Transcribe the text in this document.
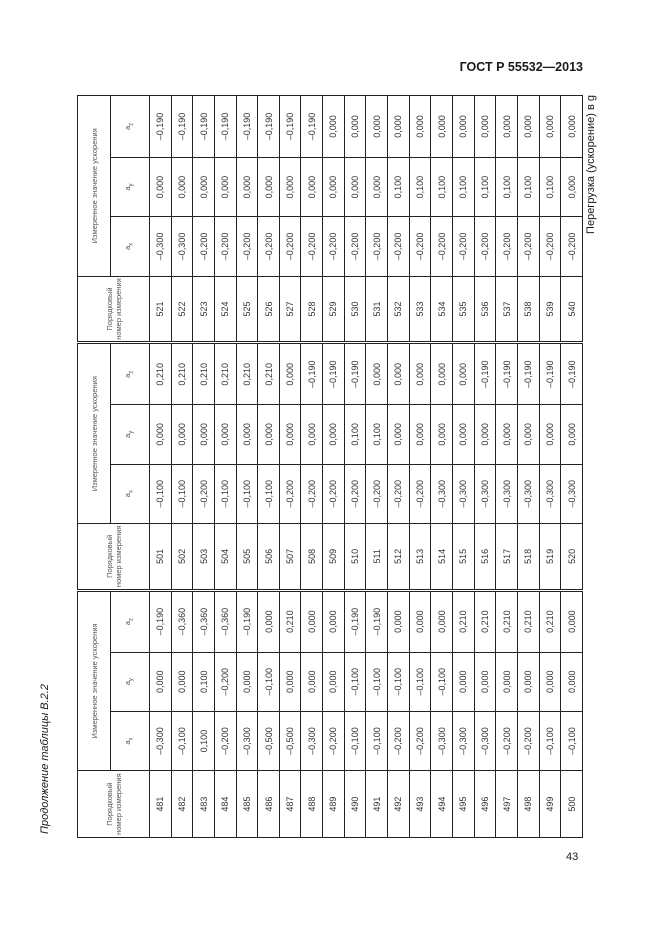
ГОСТ Р 55532—2013
Продолжение таблицы В.2.2	Порядковый номер измерения	Измеренное значение ускорения			Порядковый номер измерения	Измеренное значение ускорения			Порядковый номер измерения	Измеренное значение ускорения		
	$a_x$	$a_y$	$a_z$		$a_x$	$a_y$	$a_z$		$a_x$	$a_y$	$a_z$
481	–0,300	0,000	–0,190	501	–0,100	0,000	0,210	521	–0,300	0,000	–0,190
482	–0,100	0,000	–0,360	502	–0,100	0,000	0,210	522	–0,300	0,000	–0,190
483	0,100	0,100	–0,360	503	–0,200	0,000	0,210	523	–0,200	0,000	–0,190
484	–0,200	–0,200	–0,360	504	–0,100	0,000	0,210	524	–0,200	0,000	–0,190
485	–0,300	0,000	–0,190	505	–0,100	0,000	0,210	525	–0,200	0,000	–0,190
486	–0,500	–0,100	0,000	506	–0,100	0,000	0,210	526	–0,200	0,000	–0,190
487	–0,500	0,000	0,210	507	–0,200	0,000	0,000	527	–0,200	0,000	–0,190
488	–0,300	0,000	0,000	508	–0,200	0,000	–0,190	528	–0,200	0,000	–0,190
489	–0,200	0,000	0,000	509	–0,200	0,000	–0,190	529	–0,200	0,000	0,000
490	–0,100	–0,100	–0,190	510	–0,200	0,100	–0,190	530	–0,200	0,000	0,000
491	–0,100	–0,100	–0,190	511	–0,200	0,100	0,000	531	–0,200	0,000	0,000
492	–0,200	–0,100	0,000	512	–0,200	0,000	0,000	532	–0,200	0,100	0,000
493	–0,200	–0,100	0,000	513	–0,200	0,000	0,000	533	–0,200	0,100	0,000
494	–0,300	–0,100	0,000	514	–0,300	0,000	0,000	534	–0,200	0,100	0,000
495	–0,300	0,000	0,210	515	–0,300	0,000	0,000	535	–0,200	0,100	0,000
496	–0,300	0,000	0,210	516	–0,300	0,000	–0,190	536	–0,200	0,100	0,000
497	–0,200	0,000	0,210	517	–0,300	0,000	–0,190	537	–0,200	0,100	0,000
498	–0,200	0,000	0,210	518	–0,300	0,000	–0,190	538	–0,200	0,100	0,000
499	–0,100	0,000	0,210	519	–0,300	0,000	–0,190	539	–0,200	0,100	0,000
500	–0,100	0,000	0,000	520	–0,300	0,000	–0,190	540	–0,200	0,000	0,000 Перегрузка (ускорение) в g
43
